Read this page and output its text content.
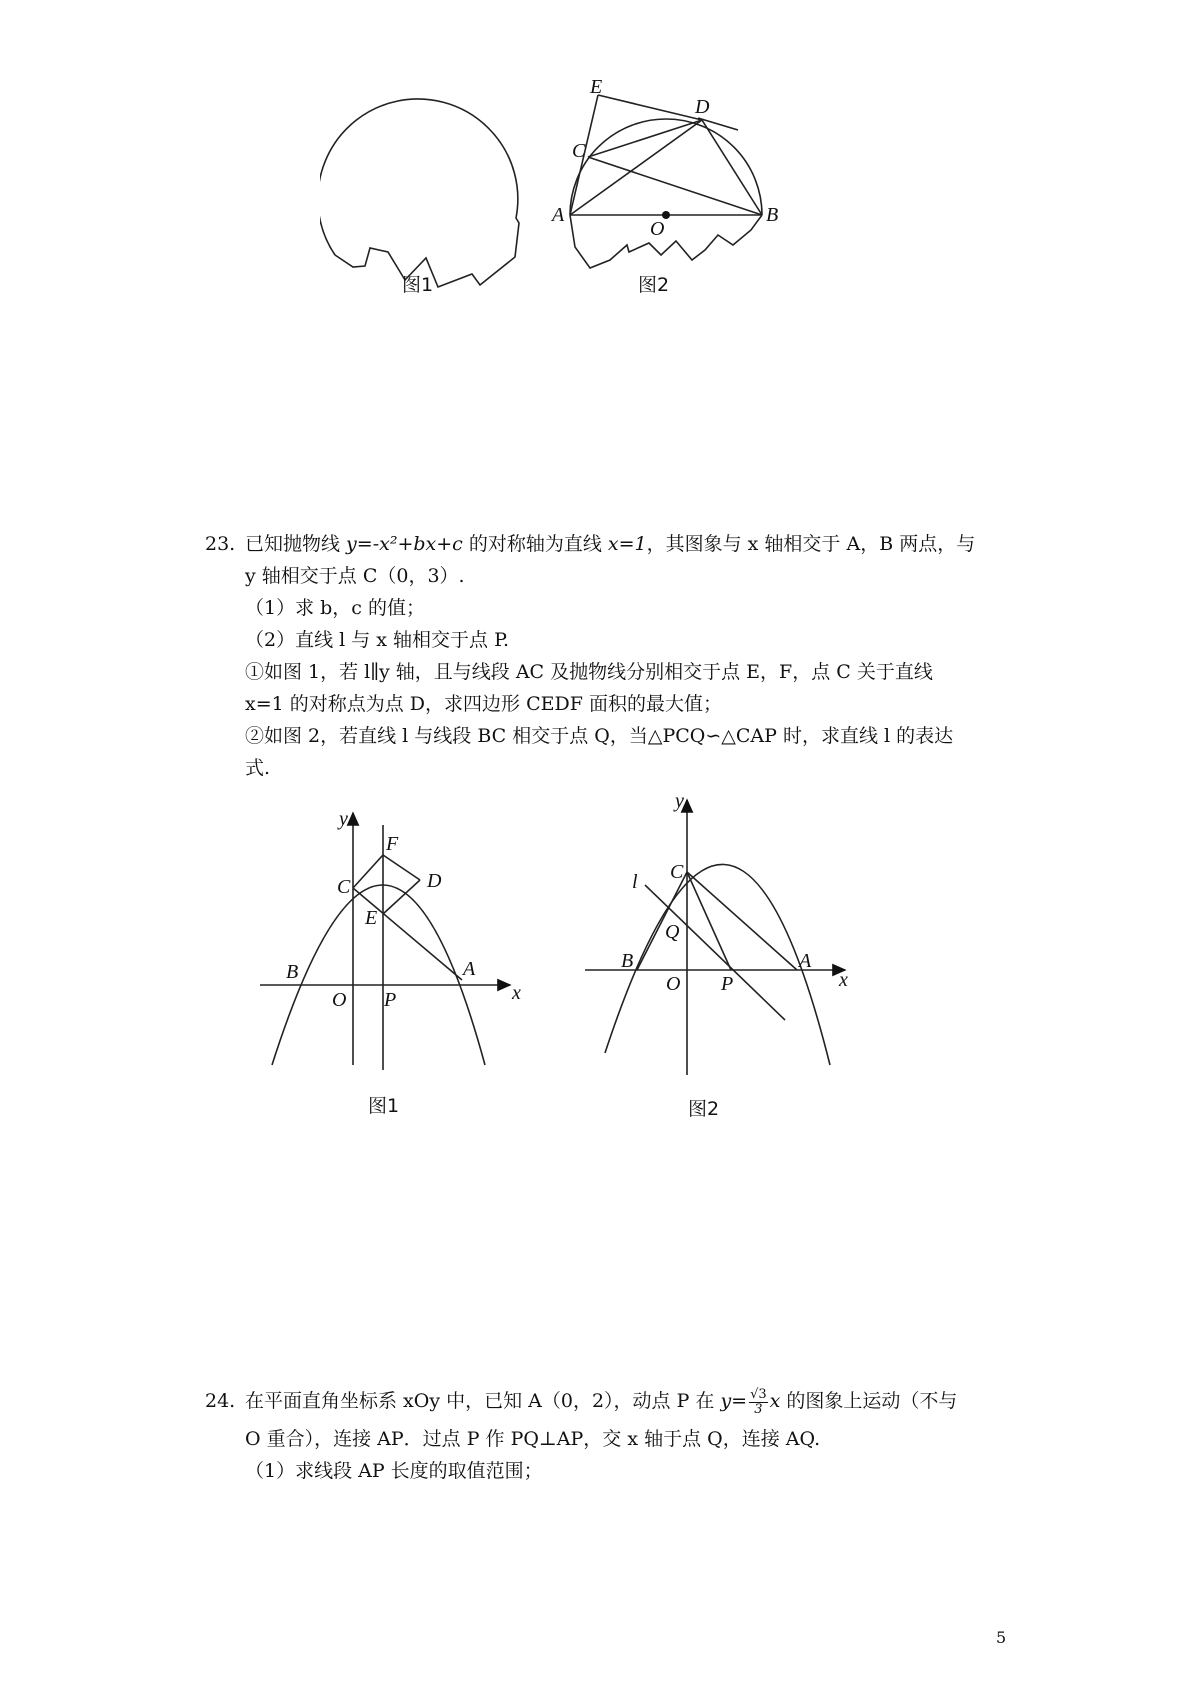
图1
E
D
C
A
O
B
图2
23. 已知抛物线 y=-x²+bx+c 的对称轴为直线 x=1，其图象与 x 轴相交于 A，B 两点，与
y 轴相交于点 C（0，3）.
（1）求 b，c 的值；
（2）直线 l 与 x 轴相交于点 P.
①如图 1，若 l∥y 轴，且与线段 AC 及抛物线分别相交于点 E，F，点 C 关于直线
x=1 的对称点为点 D，求四边形 CEDF 面积的最大值；
②如图 2，若直线 l 与线段 BC 相交于点 Q，当△PCQ∽△CAP 时，求直线 l 的表达
式.
y
x
F
C	D
E
B	A
O P
图1
y
x
C
l
Q
B	A
O P
图2
24. 在平面直角坐标系 xOy 中，已知 A（0，2），动点 P 在 $y= \frac{√3}{3}$ x 的图象上运动（不与
O 重合），连接 AP．过点 P 作 PQ⊥AP，交 x 轴于点 Q，连接 AQ.
（1）求线段 AP 长度的取值范围；
5
